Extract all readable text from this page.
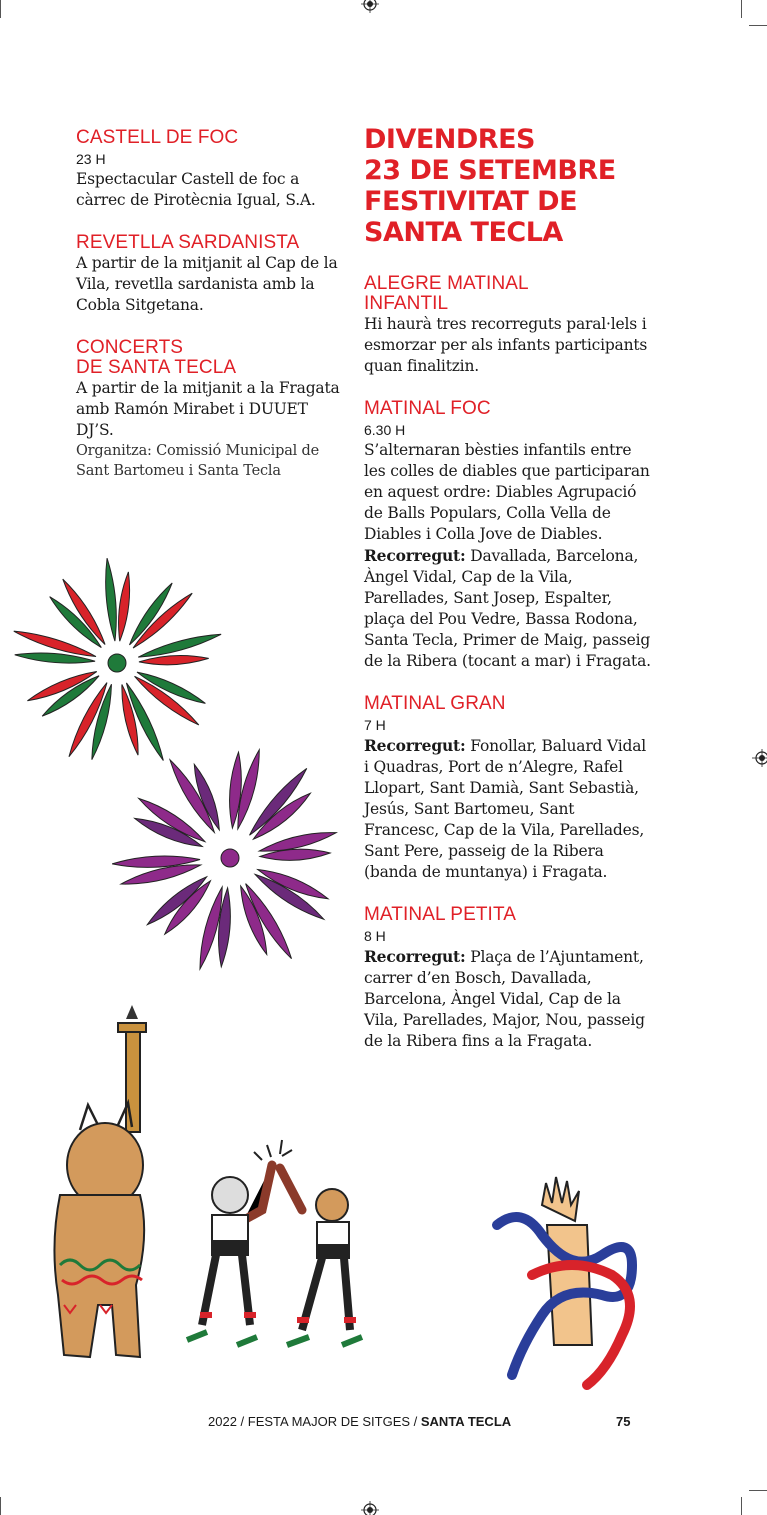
CASTELL DE FOC

23 H

Espectacular Castell de foc a càrrec de Pirotècnia Igual, S.A.

REVETLLA SARDANISTA

A partir de la mitjanit al Cap de la Vila, revetlla sardanista amb la Cobla Sitgetana.

CONCERTS
DE SANTA TECLA

A partir de la mitjanit a la Fragata amb Ramón Mirabet i DUUET DJ’S.

Organitza: Comissió Municipal de Sant Bartomeu i Santa Tecla

DIVENDRES
23 DE SETEMBRE
FESTIVITAT DE
SANTA TECLA
ALEGRE MATINAL
INFANTIL

Hi haurà tres recorreguts paral·lels i esmorzar per als infants participants quan finalitzin.

MATINAL FOC

6.30 H

S’alternaran bèsties infantils entre les colles de diables que participaran en aquest ordre: Diables Agrupació de Balls Populars, Colla Vella de Diables i Colla Jove de Diables. Recorregut: Davallada, Barcelona, Àngel Vidal, Cap de la Vila, Parellades, Sant Josep, Espalter, plaça del Pou Vedre, Bassa Rodona, Santa Tecla, Primer de Maig, passeig de la Ribera (tocant a mar) i Fragata.

MATINAL GRAN

7 H

Recorregut: Fonollar, Baluard Vidal i Quadras, Port de n’Alegre, Rafel Llopart, Sant Damià, Sant Sebastià, Jesús, Sant Bartomeu, Sant Francesc, Cap de la Vila, Parellades, Sant Pere, passeig de la Ribera (banda de muntanya) i Fragata.

MATINAL PETITA

8 H

Recorregut: Plaça de l’Ajuntament, carrer d’en Bosch, Davallada, Barcelona, Àngel Vidal, Cap de la Vila, Parellades, Major, Nou, passeig de la Ribera fins a la Fragata.

2022 / FESTA MAJOR DE SITGES / SANTA TECLA	75
